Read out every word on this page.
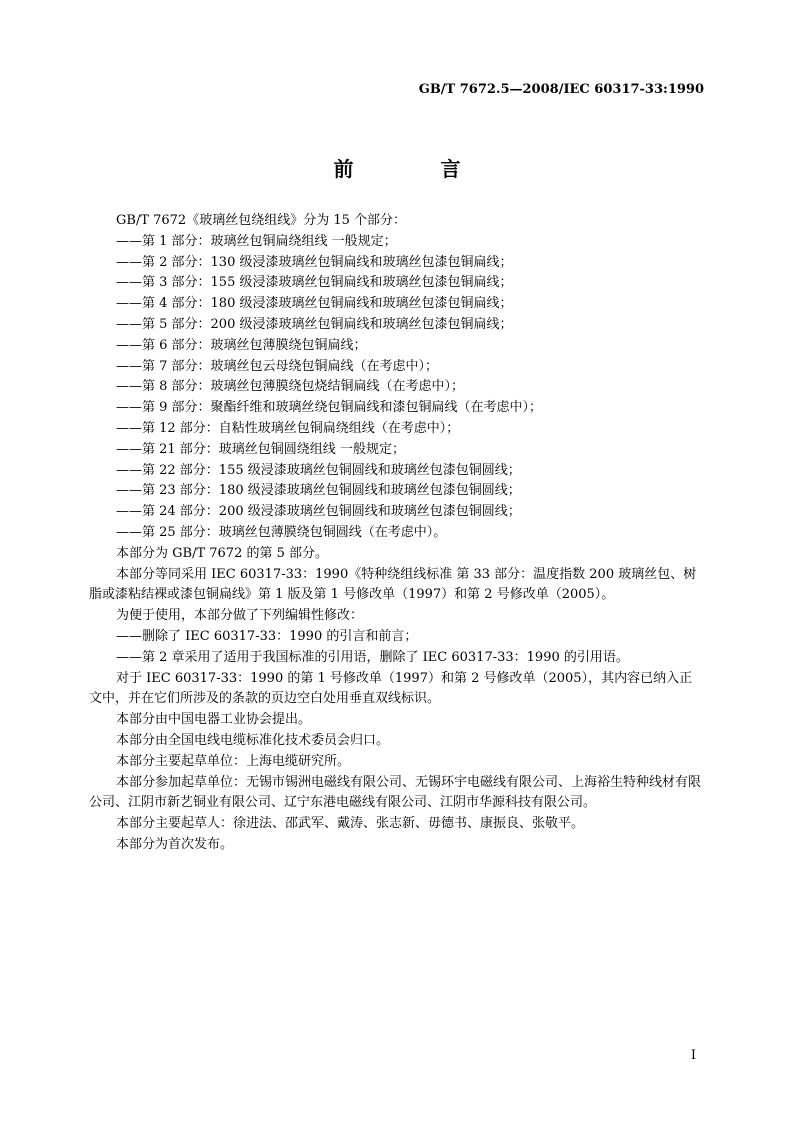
GB/T 7672.5—2008/IEC 60317-33:1990
前 言

GB/T 7672《玻璃丝包绕组线》分为 15 个部分：

——第 1 部分：玻璃丝包铜扁绕组线 一般规定；

——第 2 部分：130 级浸漆玻璃丝包铜扁线和玻璃丝包漆包铜扁线；

——第 3 部分：155 级浸漆玻璃丝包铜扁线和玻璃丝包漆包铜扁线；

——第 4 部分：180 级浸漆玻璃丝包铜扁线和玻璃丝包漆包铜扁线；

——第 5 部分：200 级浸漆玻璃丝包铜扁线和玻璃丝包漆包铜扁线；

——第 6 部分：玻璃丝包薄膜绕包铜扁线；

——第 7 部分：玻璃丝包云母绕包铜扁线（在考虑中）；

——第 8 部分：玻璃丝包薄膜绕包烧结铜扁线（在考虑中）；

——第 9 部分：聚酯纤维和玻璃丝绕包铜扁线和漆包铜扁线（在考虑中）；

——第 12 部分：自粘性玻璃丝包铜扁绕组线（在考虑中）；

——第 21 部分：玻璃丝包铜圆绕组线 一般规定；

——第 22 部分：155 级浸漆玻璃丝包铜圆线和玻璃丝包漆包铜圆线；

——第 23 部分：180 级浸漆玻璃丝包铜圆线和玻璃丝包漆包铜圆线；

——第 24 部分：200 级浸漆玻璃丝包铜圆线和玻璃丝包漆包铜圆线；

——第 25 部分：玻璃丝包薄膜绕包铜圆线（在考虑中）。

本部分为 GB/T 7672 的第 5 部分。

本部分等同采用 IEC 60317-33：1990《特种绕组线标准 第 33 部分：温度指数 200 玻璃丝包、树脂或漆粘结裸或漆包铜扁线》第 1 版及第 1 号修改单（1997）和第 2 号修改单（2005）。

为便于使用，本部分做了下列编辑性修改：

——删除了 IEC 60317-33：1990 的引言和前言；

——第 2 章采用了适用于我国标准的引用语，删除了 IEC 60317-33：1990 的引用语。

对于 IEC 60317-33：1990 的第 1 号修改单（1997）和第 2 号修改单（2005），其内容已纳入正文中，并在它们所涉及的条款的页边空白处用垂直双线标识。

本部分由中国电器工业协会提出。

本部分由全国电线电缆标准化技术委员会归口。

本部分主要起草单位：上海电缆研究所。

本部分参加起草单位：无锡市锡洲电磁线有限公司、无锡环宇电磁线有限公司、上海裕生特种线材有限公司、江阴市新艺铜业有限公司、辽宁东港电磁线有限公司、江阴市华源科技有限公司。

本部分主要起草人：徐进法、邵武军、戴涛、张志新、毋德书、康振良、张敬平。

本部分为首次发布。

I
